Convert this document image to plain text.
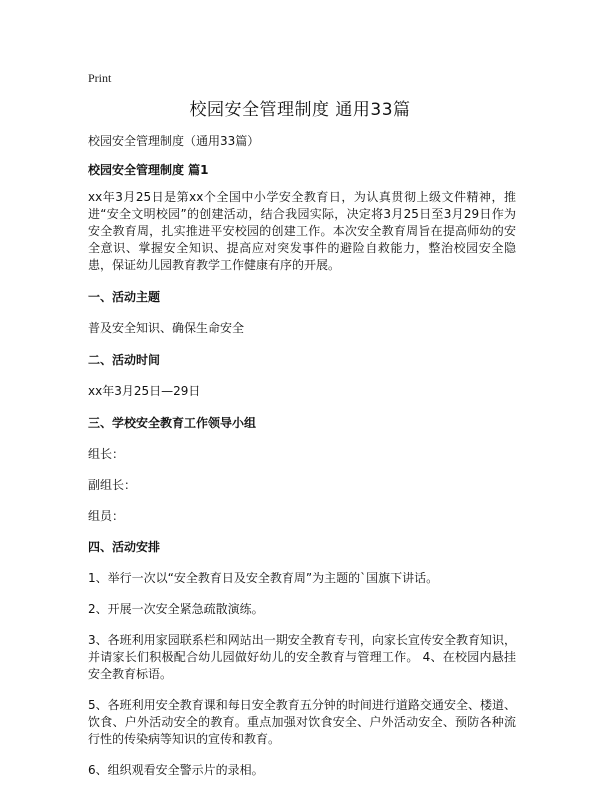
Print
校园安全管理制度 通用33篇
校园安全管理制度（通用33篇）
校园安全管理制度 篇1
xx年3月25日是第xx个全国中小学安全教育日，为认真贯彻上级文件精神，推进“安全文明校园”的创建活动，结合我园实际，决定将3月25日至3月29日作为安全教育周，扎实推进平安校园的创建工作。本次安全教育周旨在提高师幼的安全意识、掌握安全知识、提高应对突发事件的避险自救能力，整治校园安全隐患，保证幼儿园教育教学工作健康有序的开展。
一、活动主题
普及安全知识、确保生命安全
二、活动时间
xx年3月25日—29日
三、学校安全教育工作领导小组
组长：
副组长：
组员：
四、活动安排
1、举行一次以“安全教育日及安全教育周”为主题的`国旗下讲话。
2、开展一次安全紧急疏散演练。
3、各班利用家园联系栏和网站出一期安全教育专刊，向家长宣传安全教育知识，并请家长们积极配合幼儿园做好幼儿的安全教育与管理工作。 4、在校园内悬挂安全教育标语。
5、各班利用安全教育课和每日安全教育五分钟的时间进行道路交通安全、楼道、饮食、户外活动安全的教育。重点加强对饮食安全、户外活动安全、预防各种流行性的传染病等知识的宣传和教育。
6、组织观看安全警示片的录相。
